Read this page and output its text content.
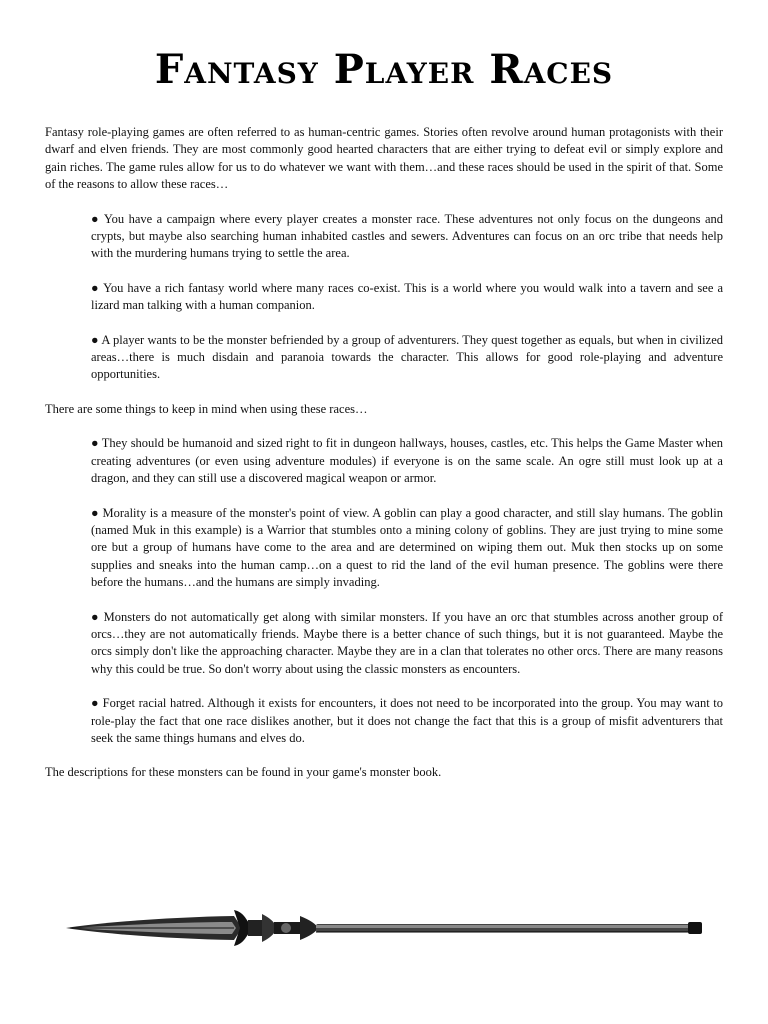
Fantasy Player Races

Fantasy role-playing games are often referred to as human-centric games. Stories often revolve around human protagonists with their dwarf and elven friends. They are most commonly good hearted characters that are either trying to defeat evil or simply explore and gain riches. The game rules allow for us to do whatever we want with them…and these races should be used in the spirit of that. Some of the reasons to allow these races…

● You have a campaign where every player creates a monster race. These adventures not only focus on the dungeons and crypts, but maybe also searching human inhabited castles and sewers. Adventures can focus on an orc tribe that needs help with the murdering humans trying to settle the area.

● You have a rich fantasy world where many races co-exist. This is a world where you would walk into a tavern and see a lizard man talking with a human companion.

● A player wants to be the monster befriended by a group of adventurers. They quest together as equals, but when in civilized areas…there is much disdain and paranoia towards the character. This allows for good role-playing and adventure opportunities.

There are some things to keep in mind when using these races…

● They should be humanoid and sized right to fit in dungeon hallways, houses, castles, etc. This helps the Game Master when creating adventures (or even using adventure modules) if everyone is on the same scale. An ogre still must look up at a dragon, and they can still use a discovered magical weapon or armor.

● Morality is a measure of the monster's point of view. A goblin can play a good character, and still slay humans. The goblin (named Muk in this example) is a Warrior that stumbles onto a mining colony of goblins. They are just trying to mine some ore but a group of humans have come to the area and are determined on wiping them out. Muk then stocks up on some supplies and sneaks into the human camp…on a quest to rid the land of the evil human presence. The goblins were there before the humans…and the humans are simply invading.

● Monsters do not automatically get along with similar monsters. If you have an orc that stumbles across another group of orcs…they are not automatically friends. Maybe there is a better chance of such things, but it is not guaranteed. Maybe the orcs simply don't like the approaching character. Maybe they are in a clan that tolerates no other orcs. There are many reasons why this could be true. So don't worry about using the classic monsters as encounters.

● Forget racial hatred. Although it exists for encounters, it does not need to be incorporated into the group. You may want to role-play the fact that one race dislikes another, but it does not change the fact that this is a group of misfit adventurers that seek the same things humans and elves do.

The descriptions for these monsters can be found in your game's monster book.
